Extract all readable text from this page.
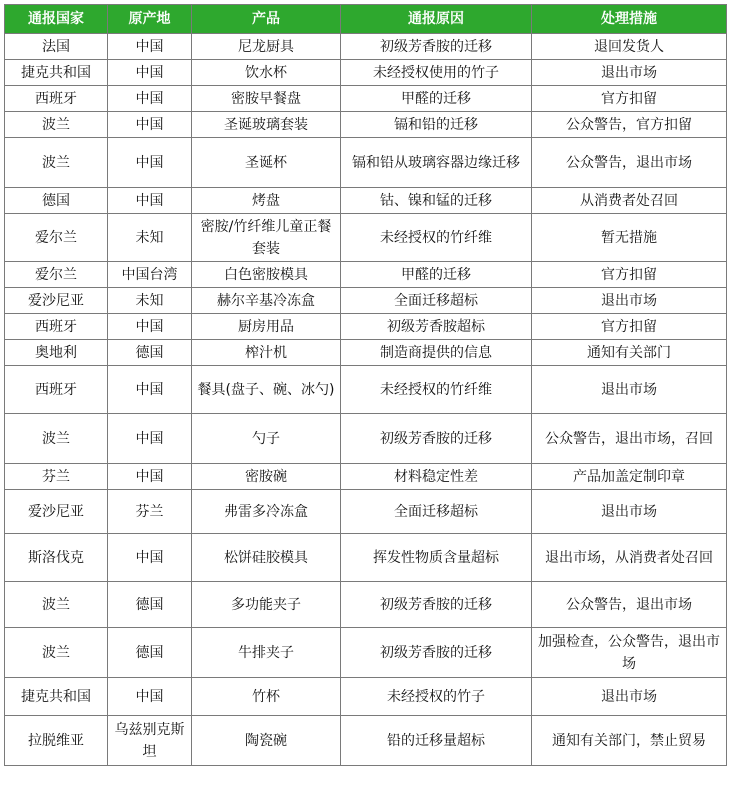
通报国家	原产地	产品	通报原因	处理措施
法国	中国	尼龙厨具	初级芳香胺的迁移	退回发货人
捷克共和国	中国	饮水杯	未经授权使用的竹子	退出市场
西班牙	中国	密胺早餐盘	甲醛的迁移	官方扣留
波兰	中国	圣诞玻璃套装	镉和铅的迁移	公众警告，官方扣留
波兰	中国	圣诞杯	镉和铅从玻璃容器边缘迁移	公众警告，退出市场
德国	中国	烤盘	钴、镍和锰的迁移	从消费者处召回
爱尔兰	未知	密胺/竹纤维儿童正餐套装	未经授权的竹纤维	暂无措施
爱尔兰	中国台湾	白色密胺模具	甲醛的迁移	官方扣留
爱沙尼亚	未知	赫尔辛基冷冻盒	全面迁移超标	退出市场
西班牙	中国	厨房用品	初级芳香胺超标	官方扣留
奥地利	德国	榨汁机	制造商提供的信息	通知有关部门
西班牙	中国	餐具(盘子、碗、冰勺)	未经授权的竹纤维	退出市场
波兰	中国	勺子	初级芳香胺的迁移	公众警告，退出市场，召回
芬兰	中国	密胺碗	材料稳定性差	产品加盖定制印章
爱沙尼亚	芬兰	弗雷多冷冻盒	全面迁移超标	退出市场
斯洛伐克	中国	松饼硅胶模具	挥发性物质含量超标	退出市场，从消费者处召回
波兰	德国	多功能夹子	初级芳香胺的迁移	公众警告，退出市场
波兰	德国	牛排夹子	初级芳香胺的迁移	加强检查，公众警告，退出市场
捷克共和国	中国	竹杯	未经授权的竹子	退出市场
拉脱维亚	乌兹别克斯坦	陶瓷碗	铅的迁移量超标	通知有关部门，禁止贸易
